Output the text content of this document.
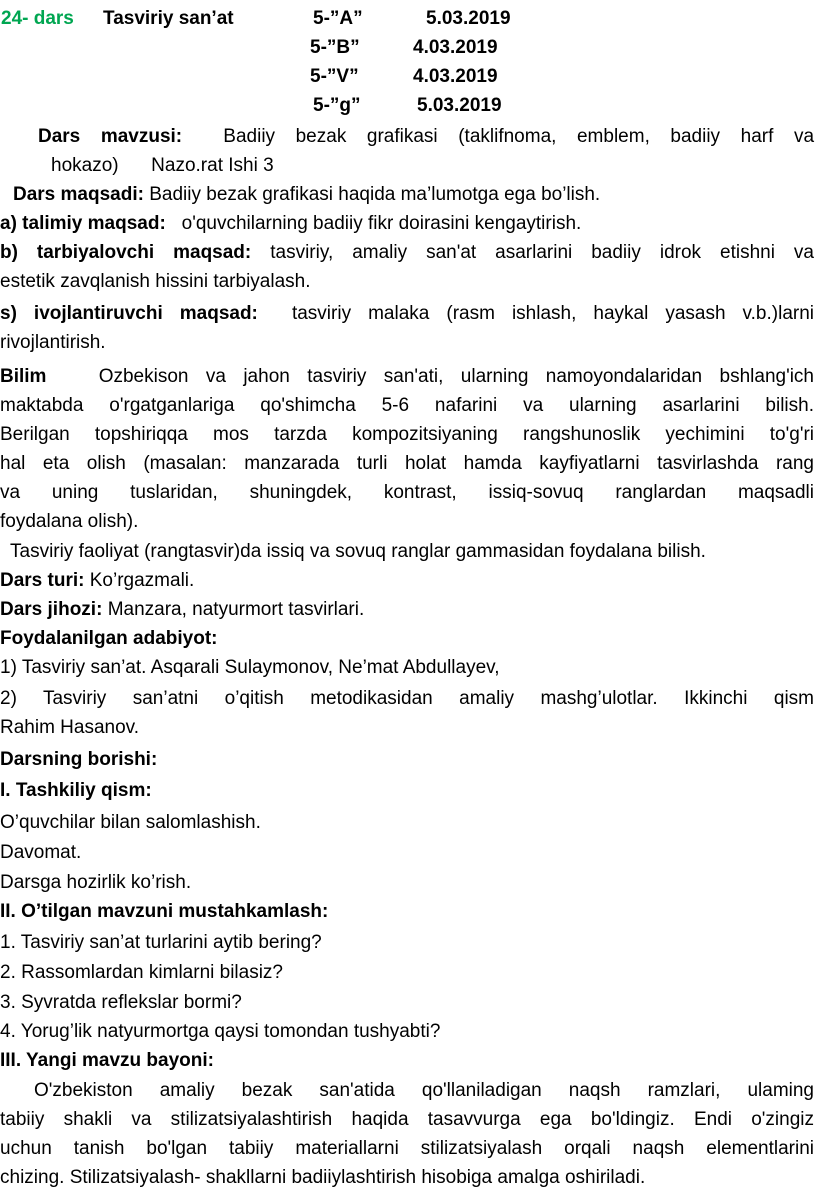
24- dars Tasviriy san’at	5-”A”	5.03.2019
5-”B”	4.03.2019
5-”V”	4.03.2019
5-”g”	5.03.2019
Dars mavzusi: Badiiy bezak grafikasi (taklifnoma, emblem, badiiy harf va
hokazo) Nazo.rat Ishi 3
Dars maqsadi: Badiiy bezak grafikasi haqida ma’lumotga ega bo’lish.
a) talimiy maqsad: o'quvchilarning badiiy fikr doirasini kengaytirish.
b) tarbiyalovchi maqsad: tasviriy, amaliy san'at asarlarini badiiy idrok etishni va
estetik zavqlanish hissini tarbiyalash.
s) ivojlantiruvchi maqsad: tasviriy malaka (rasm ishlash, haykal yasash v.b.)larni
rivojlantirish.
Bilim	Ozbekison va jahon tasviriy san'ati, ularning namoyondalaridan bshlang'ich
maktabda o'rgatganlariga qo'shimcha 5-6 nafarini va ularning asarlarini bilish.
Berilgan topshiriqqa mos tarzda kompozitsiyaning rangshunoslik yechimini to'g'ri
hal eta olish (masalan: manzarada turli holat hamda kayfiyatlarni tasvirlashda rang
va uning tuslaridan, shuningdek, kontrast, issiq-sovuq ranglardan maqsadli
foydalana olish).
Tasviriy faoliyat (rangtasvir)da issiq va sovuq ranglar gammasidan foydalana bilish.
Dars turi: Ko’rgazmali.
Dars jihozi: Manzara, natyurmort tasvirlari.
Foydalanilgan adabiyot:
1) Tasviriy san’at. Asqarali Sulaymonov, Ne’mat Abdullayev,
2) Tasviriy san’atni o’qitish metodikasidan amaliy mashg’ulotlar. Ikkinchi qism
Rahim Hasanov.
Darsning borishi:
I. Tashkiliy qism:
O’quvchilar bilan salomlashish.
Davomat.
Darsga hozirlik ko’rish.
II. O’tilgan mavzuni mustahkamlash:
1. Tasviriy san’at turlarini aytib bering?
2. Rassomlardan kimlarni bilasiz?
3. Syvratda reflekslar bormi?
4. Yorug’lik natyurmortga qaysi tomondan tushyabti?
III. Yangi mavzu bayoni:
O'zbekiston amaliy bezak san'atida qo'llaniladigan naqsh ramzlari, ulaming
tabiiy shakli va stilizatsiyalashtirish haqida tasavvurga ega bo'ldingiz. Endi o'zingiz
uchun tanish bo'lgan tabiiy materiallarni stilizatsiyalash orqali naqsh elementlarini
chizing. Stilizatsiyalash- shakllarni badiiylashtirish hisobiga amalga oshiriladi.
